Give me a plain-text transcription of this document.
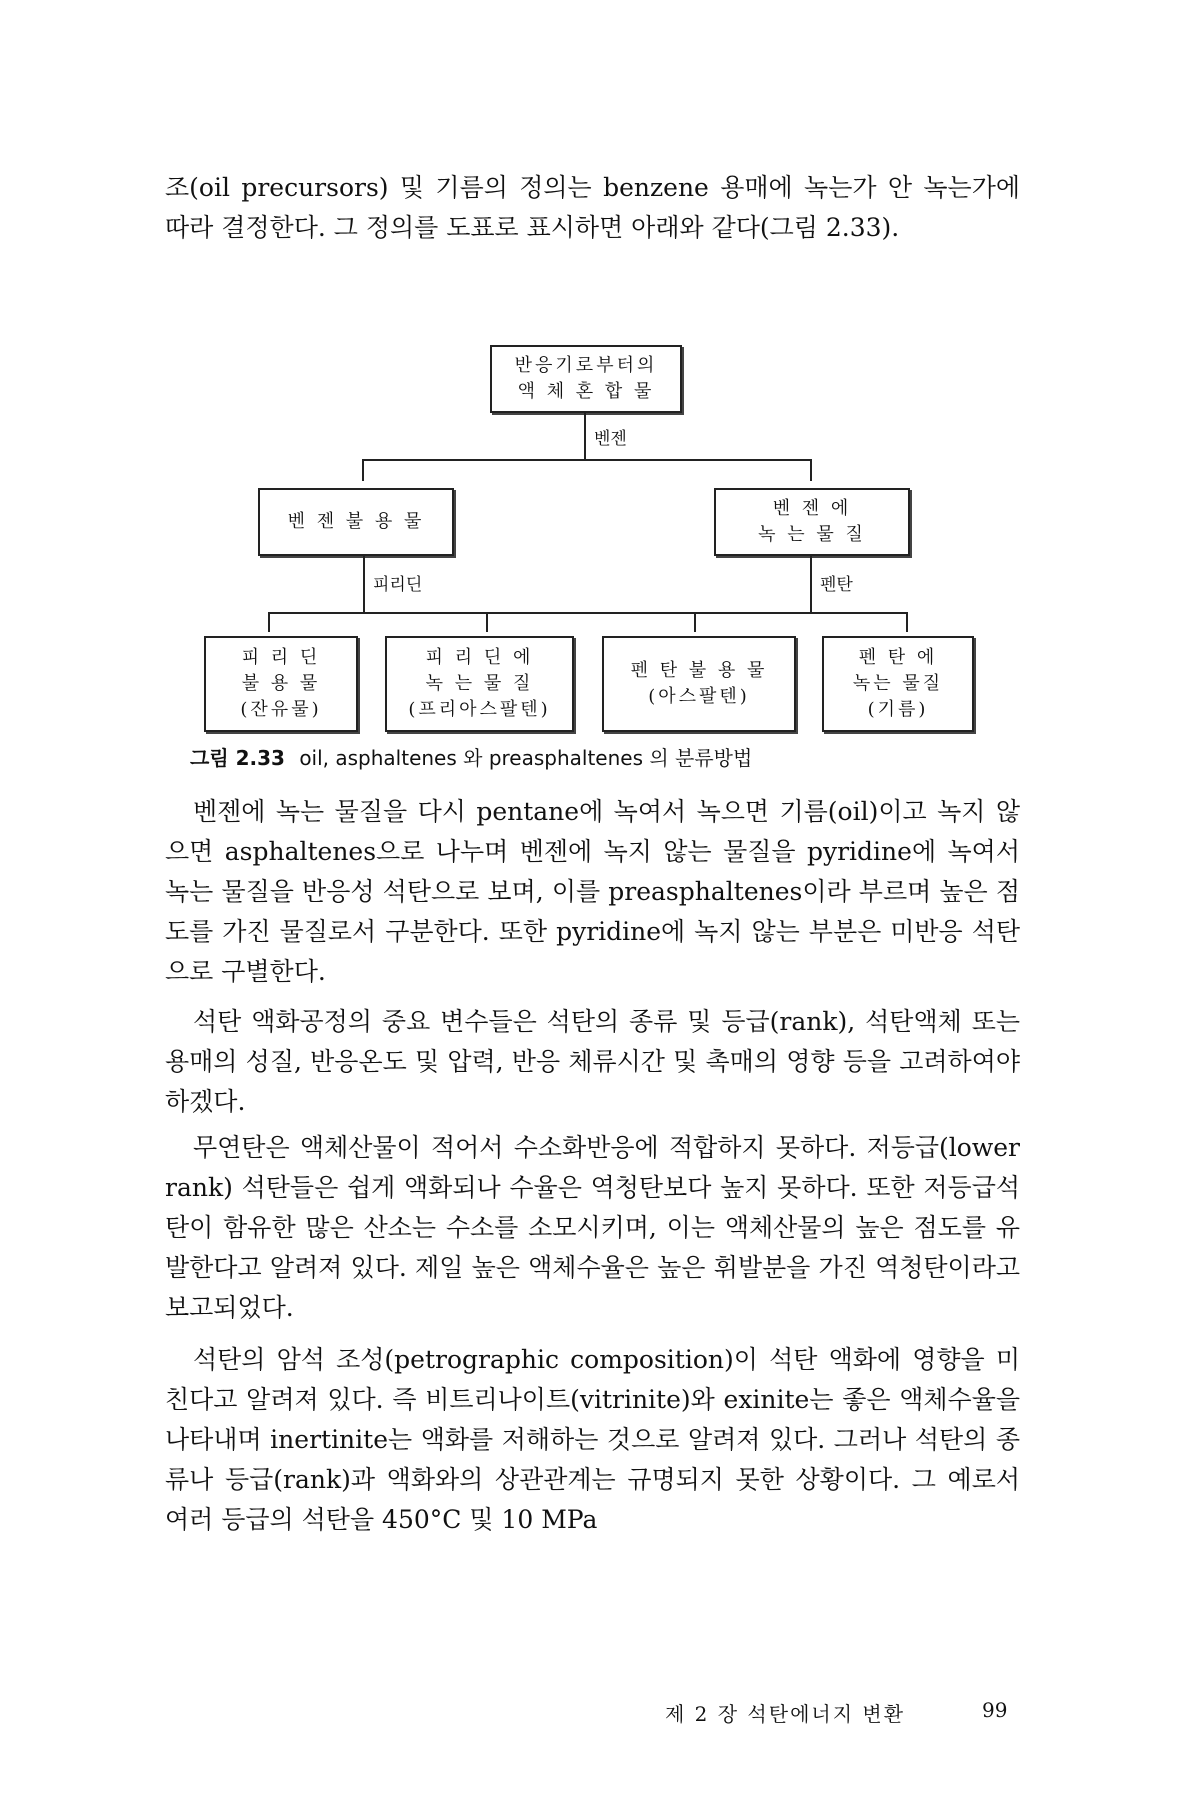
조(oil precursors) 및 기름의 정의는 benzene 용매에 녹는가 안 녹는가에 따라 결정한다. 그 정의를 도표로 표시하면 아래와 같다(그림 2.33).

반응기로부터의
액 체 혼 합 물
벤젠
벤 젠 불 용 물
벤 젠 에
녹 는 물 질
피리딘	펜탄
피 리 딘
불 용 물
(잔유물)
피 리 딘 에
녹 는 물 질
(프리아스팔텐)
펜 탄 불 용 물
(아스팔텐)
펜 탄 에
녹는 물질
(기름)
그림 2.33 oil, asphaltenes 와 preasphaltenes 의 분류방법

벤젠에 녹는 물질을 다시 pentane에 녹여서 녹으면 기름(oil)이고 녹지 않으면 asphaltenes으로 나누며 벤젠에 녹지 않는 물질을 pyridine에 녹여서 녹는 물질을 반응성 석탄으로 보며, 이를 preasphaltenes이라 부르며 높은 점도를 가진 물질로서 구분한다. 또한 pyridine에 녹지 않는 부분은 미반응 석탄으로 구별한다.

석탄 액화공정의 중요 변수들은 석탄의 종류 및 등급(rank), 석탄액체 또는 용매의 성질, 반응온도 및 압력, 반응 체류시간 및 촉매의 영향 등을 고려하여야 하겠다.

무연탄은 액체산물이 적어서 수소화반응에 적합하지 못하다. 저등급(lower rank) 석탄들은 쉽게 액화되나 수율은 역청탄보다 높지 못하다. 또한 저등급석탄이 함유한 많은 산소는 수소를 소모시키며, 이는 액체산물의 높은 점도를 유발한다고 알려져 있다. 제일 높은 액체수율은 높은 휘발분을 가진 역청탄이라고 보고되었다.

석탄의 암석 조성(petrographic composition)이 석탄 액화에 영향을 미친다고 알려져 있다. 즉 비트리나이트(vitrinite)와 exinite는 좋은 액체수율을 나타내며 inertinite는 액화를 저해하는 것으로 알려져 있다. 그러나 석탄의 종류나 등급(rank)과 액화와의 상관관계는 규명되지 못한 상황이다. 그 예로서 여러 등급의 석탄을 450°C 및 10 MPa

제 2 장 석탄에너지 변환	99
